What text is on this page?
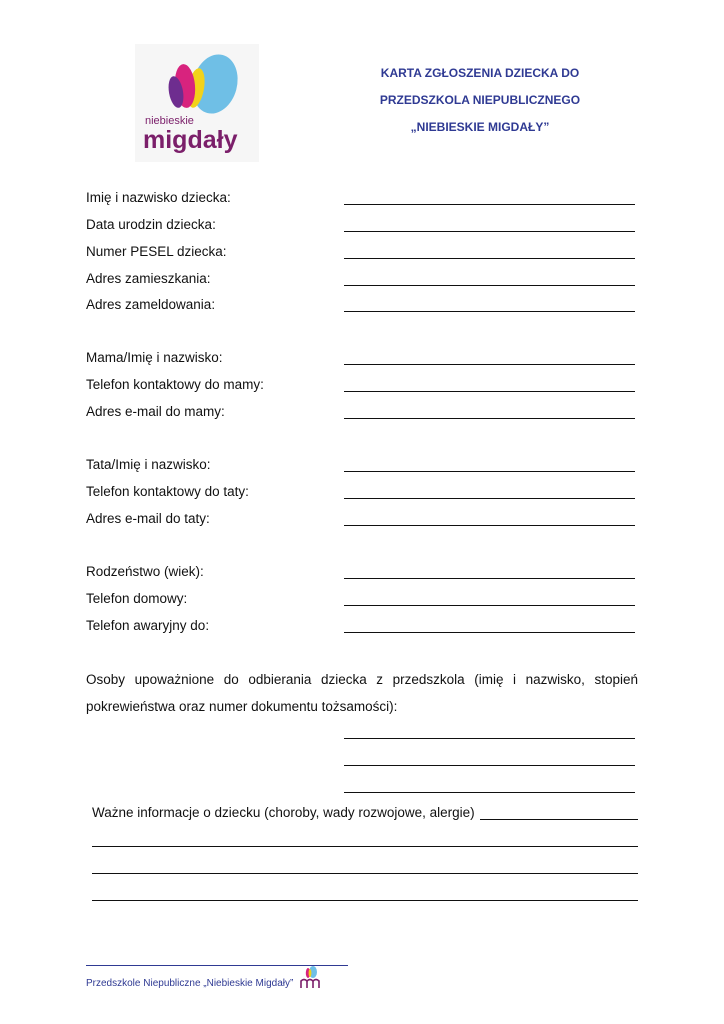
niebieskie
migdały
KARTA ZGŁOSZENIA DZIECKA DO
PRZEDSZKOLA NIEPUBLICZNEGO
„NIEBIESKIE MIGDAŁY”
Imię i nazwisko dziecka:
Data urodzin dziecka:
Numer PESEL dziecka:
Adres zamieszkania:
Adres zameldowania:
Mama/Imię i nazwisko:
Telefon kontaktowy do mamy:
Adres e-mail do mamy:
Tata/Imię i nazwisko:
Telefon kontaktowy do taty:
Adres e-mail do taty:
Rodzeństwo (wiek):
Telefon domowy:
Telefon awaryjny do:
Osoby upoważnione do odbierania dziecka z przedszkola (imię i nazwisko, stopień pokrewieństwa oraz numer dokumentu tożsamości):
Ważne informacje o dziecku (choroby, wady rozwojowe, alergie)
Przedszkole Niepubliczne „Niebieskie Migdały”
